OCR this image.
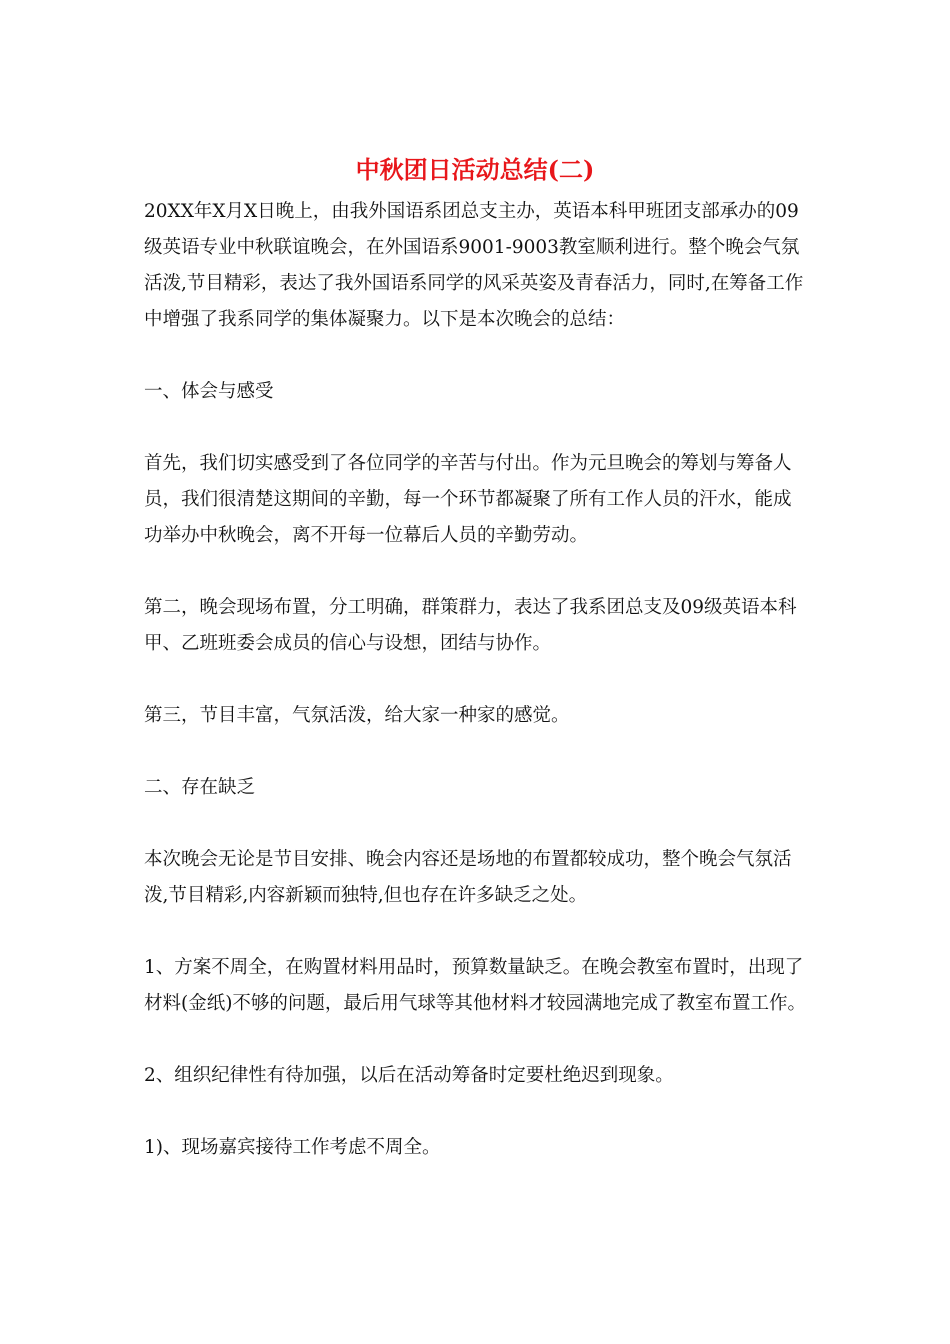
中秋团日活动总结(二)

20XX年X月X日晚上，由我外国语系团总支主办，英语本科甲班团支部承办的09级英语专业中秋联谊晚会，在外国语系9001-9003教室顺利进行。整个晚会气氛活泼,节目精彩，表达了我外国语系同学的风采英姿及青春活力，同时,在筹备工作中增强了我系同学的集体凝聚力。以下是本次晚会的总结：

一、体会与感受

首先，我们切实感受到了各位同学的辛苦与付出。作为元旦晚会的筹划与筹备人员，我们很清楚这期间的辛勤，每一个环节都凝聚了所有工作人员的汗水，能成功举办中秋晚会，离不开每一位幕后人员的辛勤劳动。

第二，晚会现场布置，分工明确，群策群力，表达了我系团总支及09级英语本科甲、乙班班委会成员的信心与设想，团结与协作。

第三，节目丰富，气氛活泼，给大家一种家的感觉。

二、存在缺乏

本次晚会无论是节目安排、晚会内容还是场地的布置都较成功，整个晚会气氛活泼,节目精彩,内容新颖而独特,但也存在许多缺乏之处。

1、方案不周全，在购置材料用品时，预算数量缺乏。在晚会教室布置时，出现了材料(金纸)不够的问题，最后用气球等其他材料才较园满地完成了教室布置工作。

2、组织纪律性有待加强，以后在活动筹备时定要杜绝迟到现象。

1)、现场嘉宾接待工作考虑不周全。
